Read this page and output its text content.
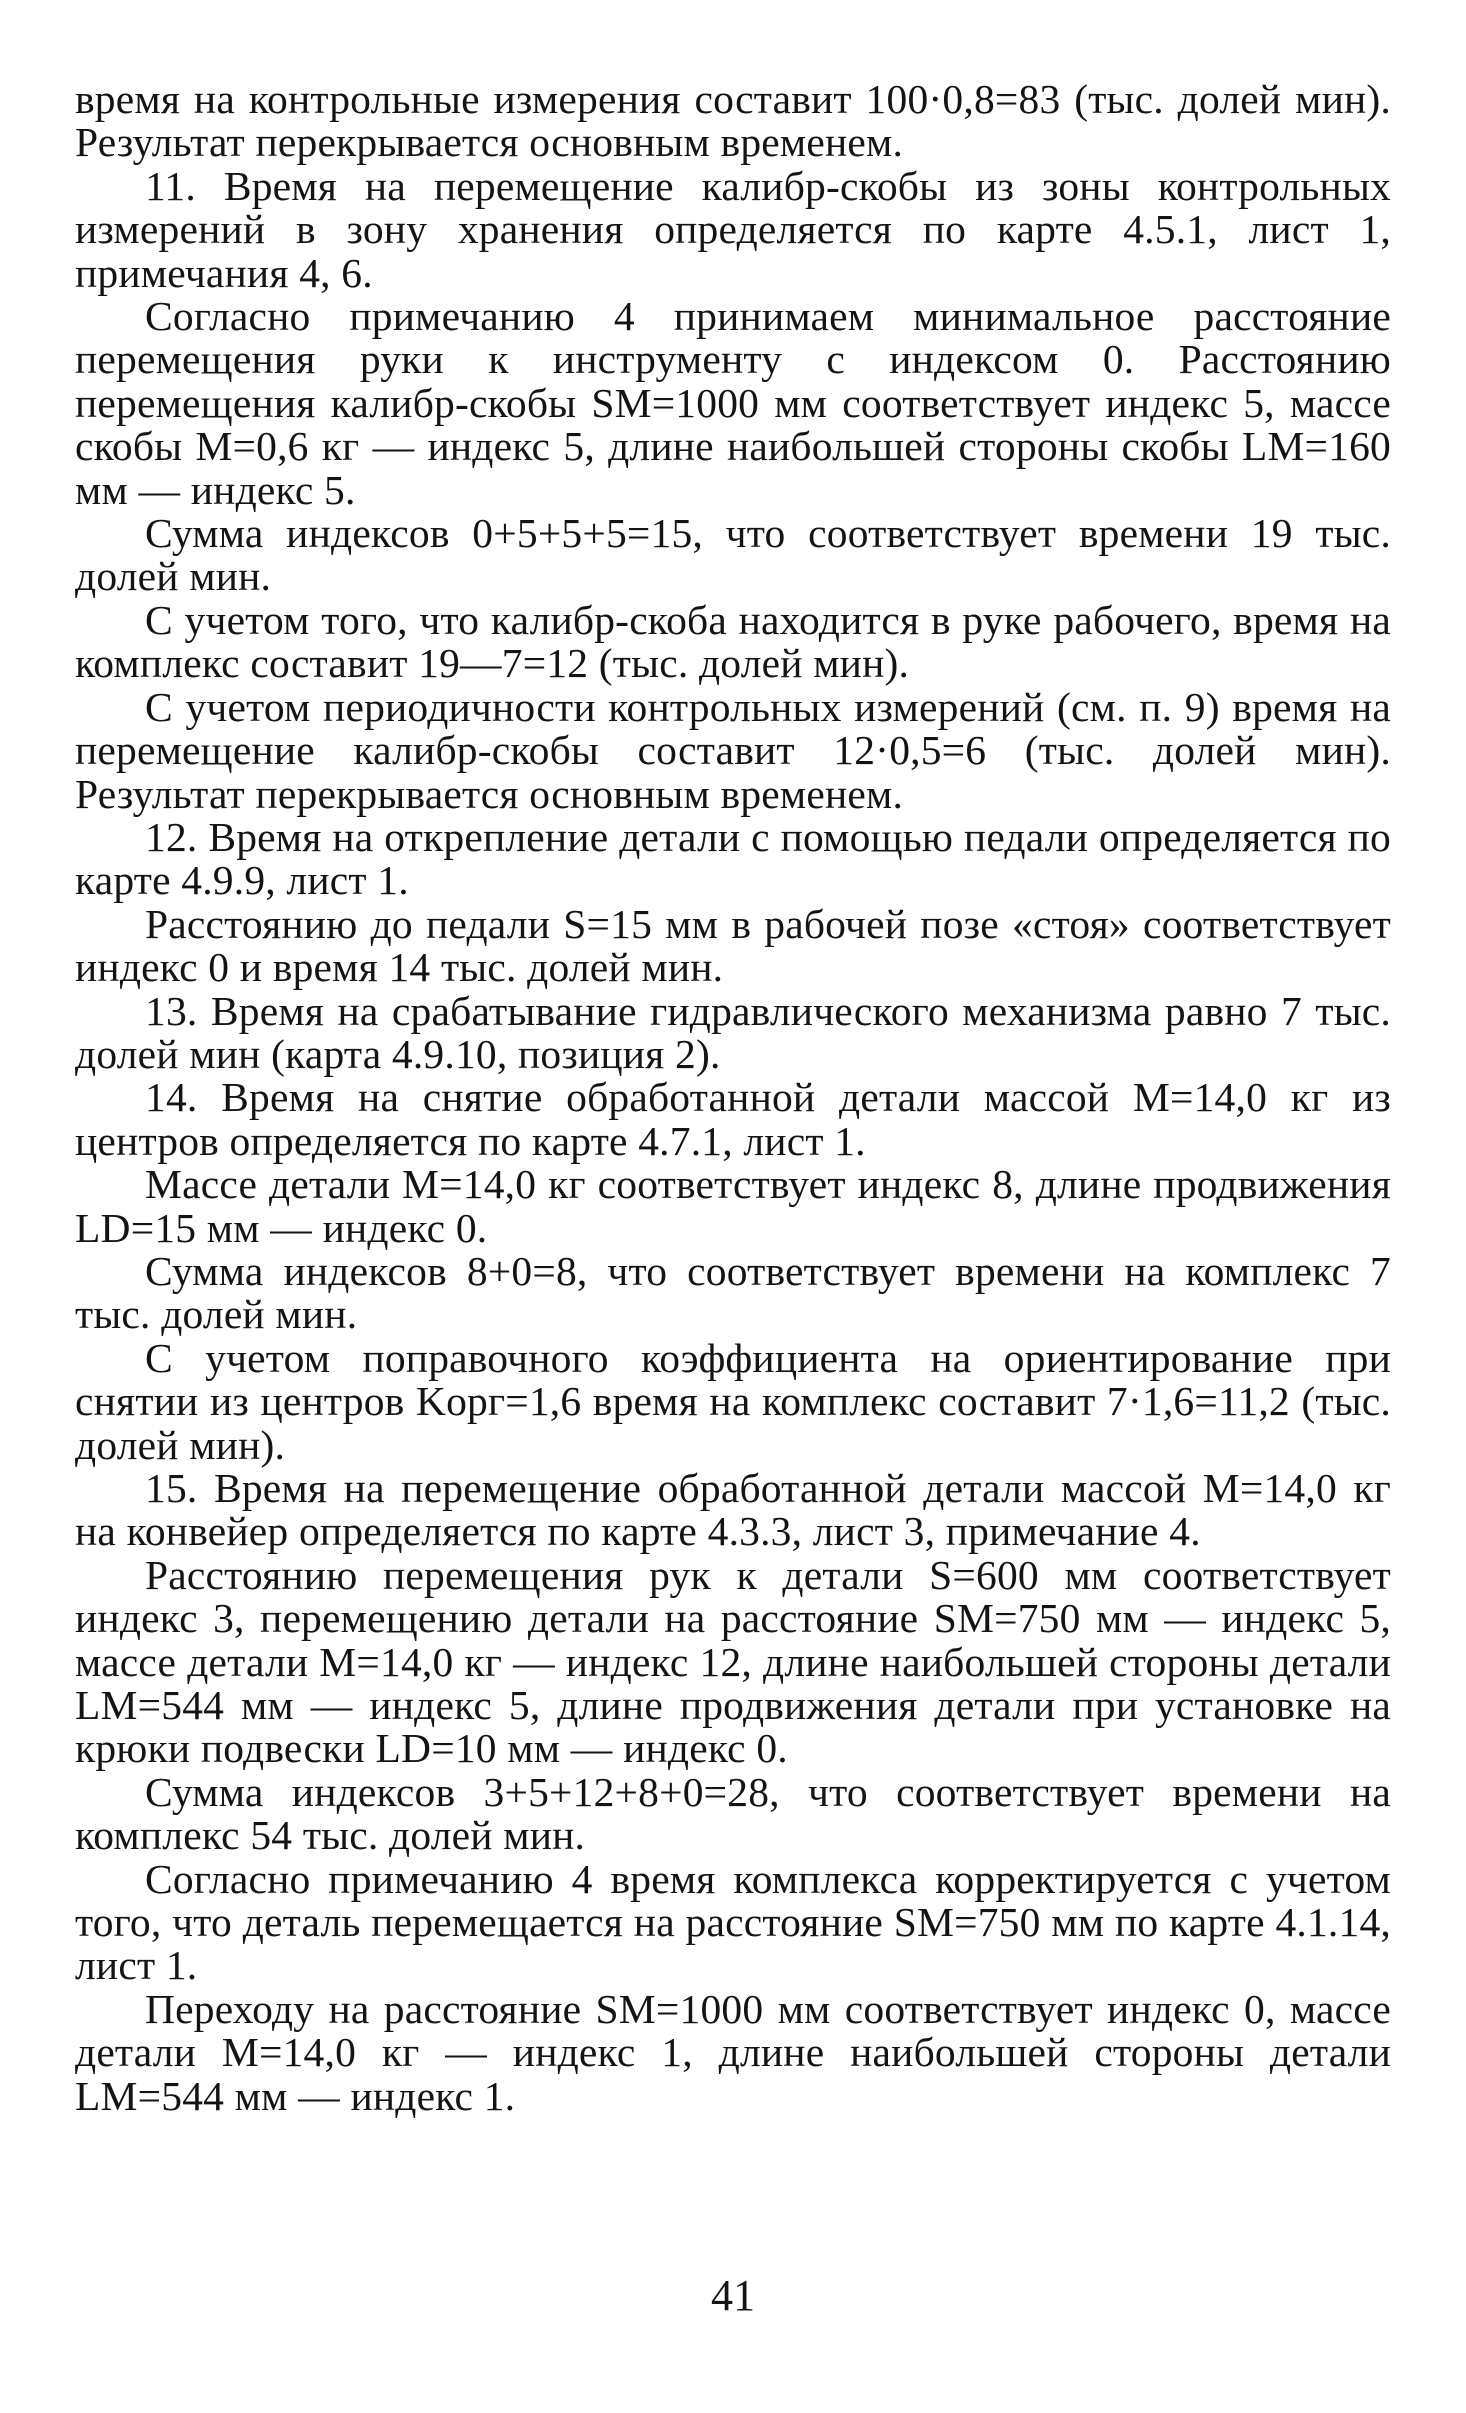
время на контрольные измерения составит 100·0,8=83 (тыс. долей мин). Результат перекрывается основным временем.

11. Время на перемещение калибр-скобы из зоны контрольных измерений в зону хранения определяется по карте 4.5.1, лист 1, примечания 4, 6.

Согласно примечанию 4 принимаем минимальное расстояние перемещения руки к инструменту с индексом 0. Расстоянию перемещения калибр-скобы SM=1000 мм соответствует индекс 5, массе скобы M=0,6 кг — индекс 5, длине наибольшей стороны скобы LM=160 мм — индекс 5.

Сумма индексов 0+5+5+5=15, что соответствует времени 19 тыс. долей мин.

С учетом того, что калибр-скоба находится в руке рабочего, время на комплекс составит 19—7=12 (тыс. долей мин).

С учетом периодичности контрольных измерений (см. п. 9) время на перемещение калибр-скобы составит 12·0,5=6 (тыс. долей мин). Результат перекрывается основным временем.

12. Время на открепление детали с помощью педали определяется по карте 4.9.9, лист 1.

Расстоянию до педали S=15 мм в рабочей позе «стоя» соответствует индекс 0 и время 14 тыс. долей мин.

13. Время на срабатывание гидравлического механизма равно 7 тыс. долей мин (карта 4.9.10, позиция 2).

14. Время на снятие обработанной детали массой M=14,0 кг из центров определяется по карте 4.7.1, лист 1.

Массе детали M=14,0 кг соответствует индекс 8, длине продвижения LD=15 мм — индекс 0.

Сумма индексов 8+0=8, что соответствует времени на комплекс 7 тыс. долей мин.

С учетом поправочного коэффициента на ориентирование при снятии из центров Kорг=1,6 время на комплекс составит 7·1,6=11,2 (тыс. долей мин).

15. Время на перемещение обработанной детали массой M=14,0 кг на конвейер определяется по карте 4.3.3, лист 3, примечание 4.

Расстоянию перемещения рук к детали S=600 мм соответствует индекс 3, перемещению детали на расстояние SM=750 мм — индекс 5, массе детали M=14,0 кг — индекс 12, длине наибольшей стороны детали LM=544 мм — индекс 5, длине продвижения детали при установке на крюки подвески LD=10 мм — индекс 0.

Сумма индексов 3+5+12+8+0=28, что соответствует времени на комплекс 54 тыс. долей мин.

Согласно примечанию 4 время комплекса корректируется с учетом того, что деталь перемещается на расстояние SM=750 мм по карте 4.1.14, лист 1.

Переходу на расстояние SM=1000 мм соответствует индекс 0, массе детали M=14,0 кг — индекс 1, длине наибольшей стороны детали LM=544 мм — индекс 1.

41
